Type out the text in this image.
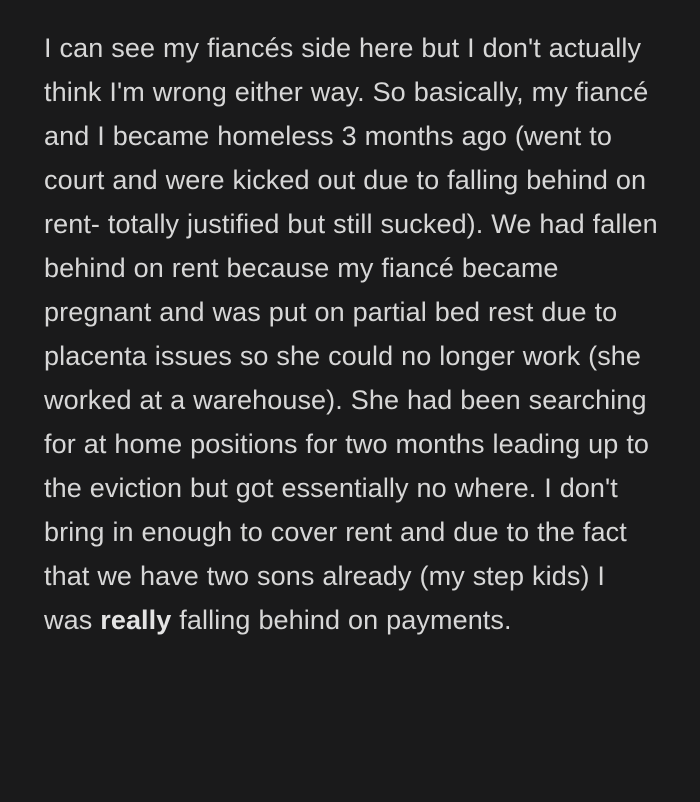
I can see my fiancés side here but I don't actually think I'm wrong either way. So basically, my fiancé and I became homeless 3 months ago (went to court and were kicked out due to falling behind on rent- totally justified but still sucked). We had fallen behind on rent because my fiancé became pregnant and was put on partial bed rest due to placenta issues so she could no longer work (she worked at a warehouse). She had been searching for at home positions for two months leading up to the eviction but got essentially no where. I don't bring in enough to cover rent and due to the fact that we have two sons already (my step kids) I was really falling behind on payments.
